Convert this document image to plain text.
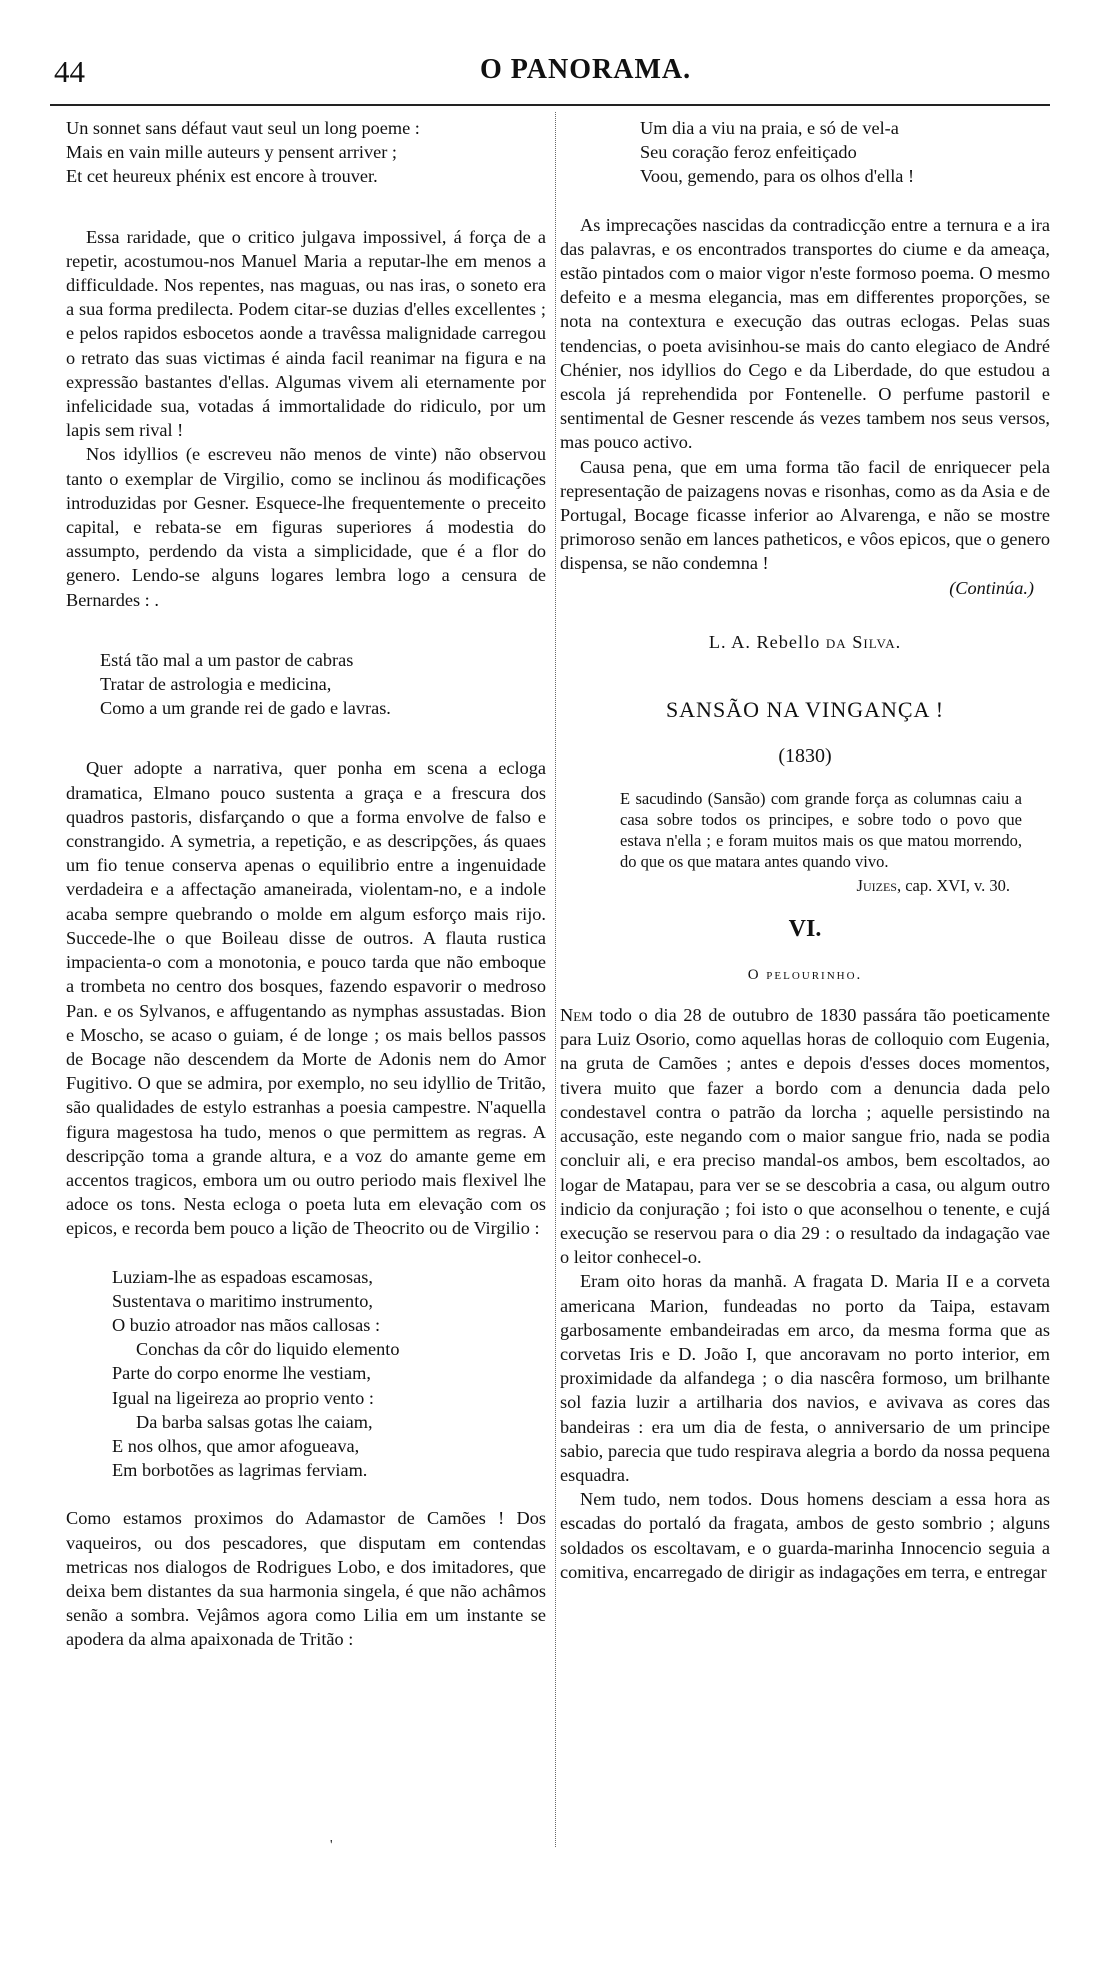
44	O PANORAMA.
Un sonnet sans défaut vaut seul un long poeme :
Mais en vain mille auteurs y pensent arriver ;
Et cet heureux phénix est encore à trouver.

Essa raridade, que o critico julgava impossivel, á força de a repetir, acostumou-nos Manuel Maria a reputar-lhe em menos a difficuldade. Nos repentes, nas maguas, ou nas iras, o soneto era a sua forma predilecta. Podem citar-se duzias d'elles excellentes ; e pelos rapidos esbocetos aonde a travêssa malignidade carregou o retrato das suas victimas é ainda facil reanimar na figura e na expressão bastantes d'ellas. Algumas vivem ali eternamente por infelicidade sua, votadas á immortalidade do ridiculo, por um lapis sem rival !

Nos idyllios (e escreveu não menos de vinte) não observou tanto o exemplar de Virgilio, como se inclinou ás modificações introduzidas por Gesner. Esquece-lhe frequentemente o preceito capital, e rebata-se em figuras superiores á modestia do assumpto, perdendo da vista a simplicidade, que é a flor do genero. Lendo-se alguns logares lembra logo a censura de Bernardes : .

Está tão mal a um pastor de cabras
Tratar de astrologia e medicina,
Como a um grande rei de gado e lavras.

Quer adopte a narrativa, quer ponha em scena a ecloga dramatica, Elmano pouco sustenta a graça e a frescura dos quadros pastoris, disfarçando o que a forma envolve de falso e constrangido. A symetria, a repetição, e as descripções, ás quaes um fio tenue conserva apenas o equilibrio entre a ingenuidade verdadeira e a affectação amaneirada, violentam-no, e a indole acaba sempre quebrando o molde em algum esforço mais rijo. Succede-lhe o que Boileau disse de outros. A flauta rustica impacienta-o com a monotonia, e pouco tarda que não emboque a trombeta no centro dos bosques, fazendo espavorir o medroso Pan. e os Sylvanos, e affugentando as nymphas assustadas. Bion e Moscho, se acaso o guiam, é de longe ; os mais bellos passos de Bocage não descendem da Morte de Adonis nem do Amor Fugitivo. O que se admira, por exemplo, no seu idyllio de Tritão, são qualidades de estylo estranhas a poesia campestre. N'aquella figura magestosa ha tudo, menos o que permittem as regras. A descripção toma a grande altura, e a voz do amante geme em accentos tragicos, embora um ou outro periodo mais flexivel lhe adoce os tons. Nesta ecloga o poeta luta em elevação com os epicos, e recorda bem pouco a lição de Theocrito ou de Virgilio :

Luziam-lhe as espadoas escamosas,
Sustentava o maritimo instrumento,
O buzio atroador nas mãos callosas :
Conchas da côr do liquido elemento
Parte do corpo enorme lhe vestiam,
Igual na ligeireza ao proprio vento :
Da barba salsas gotas lhe caiam,
E nos olhos, que amor afogueava,
Em borbotões as lagrimas ferviam.

Como estamos proximos do Adamastor de Camões ! Dos vaqueiros, ou dos pescadores, que disputam em contendas metricas nos dialogos de Rodrigues Lobo, e dos imitadores, que deixa bem distantes da sua harmonia singela, é que não achâmos senão a sombra. Vejâmos agora como Lilia em um instante se apodera da alma apaixonada de Tritão :

Um dia a viu na praia, e só de vel-a
Seu coração feroz enfeitiçado
Voou, gemendo, para os olhos d'ella !

As imprecações nascidas da contradicção entre a ternura e a ira das palavras, e os encontrados transportes do ciume e da ameaça, estão pintados com o maior vigor n'este formoso poema. O mesmo defeito e a mesma elegancia, mas em differentes proporções, se nota na contextura e execução das outras eclogas. Pelas suas tendencias, o poeta avisinhou-se mais do canto elegiaco de André Chénier, nos idyllios do Cego e da Liberdade, do que estudou a escola já reprehendida por Fontenelle. O perfume pastoril e sentimental de Gesner rescende ás vezes tambem nos seus versos, mas pouco activo.

Causa pena, que em uma forma tão facil de enriquecer pela representação de paizagens novas e risonhas, como as da Asia e de Portugal, Bocage ficasse inferior ao Alvarenga, e não se mostre primoroso senão em lances patheticos, e vôos epicos, que o genero dispensa, se não condemna !

(Continúa.)

L. A. Rebello da Silva.
SANSÃO NA VINGANÇA !
(1830)
E sacudindo (Sansão) com grande força as columnas caiu a casa sobre todos os principes, e sobre todo o povo que estava n'ella ; e foram muitos mais os que matou morrendo, do que os que matara antes quando vivo.
Juizes, cap. XVI, v. 30.
VI.
O pelourinho.

Nem todo o dia 28 de outubro de 1830 passára tão poeticamente para Luiz Osorio, como aquellas horas de colloquio com Eugenia, na gruta de Camões ; antes e depois d'esses doces momentos, tivera muito que fazer a bordo com a denuncia dada pelo condestavel contra o patrão da lorcha ; aquelle persistindo na accusação, este negando com o maior sangue frio, nada se podia concluir ali, e era preciso mandal-os ambos, bem escoltados, ao logar de Matapau, para ver se se descobria a casa, ou algum outro indicio da conjuração ; foi isto o que aconselhou o tenente, e cujá execução se reservou para o dia 29 : o resultado da indagação vae o leitor conhecel-o.

Eram oito horas da manhã. A fragata D. Maria II e a corveta americana Marion, fundeadas no porto da Taipa, estavam garbosamente embandeiradas em arco, da mesma forma que as corvetas Iris e D. João I, que ancoravam no porto interior, em proximidade da alfandega ; o dia nascêra formoso, um brilhante sol fazia luzir a artilharia dos navios, e avivava as cores das bandeiras : era um dia de festa, o anniversario de um principe sabio, parecia que tudo respirava alegria a bordo da nossa pequena esquadra.

Nem tudo, nem todos. Dous homens desciam a essa hora as escadas do portaló da fragata, ambos de gesto sombrio ; alguns soldados os escoltavam, e o guarda-marinha Innocencio seguia a comitiva, encarregado de dirigir as indagações em terra, e entregar

'
